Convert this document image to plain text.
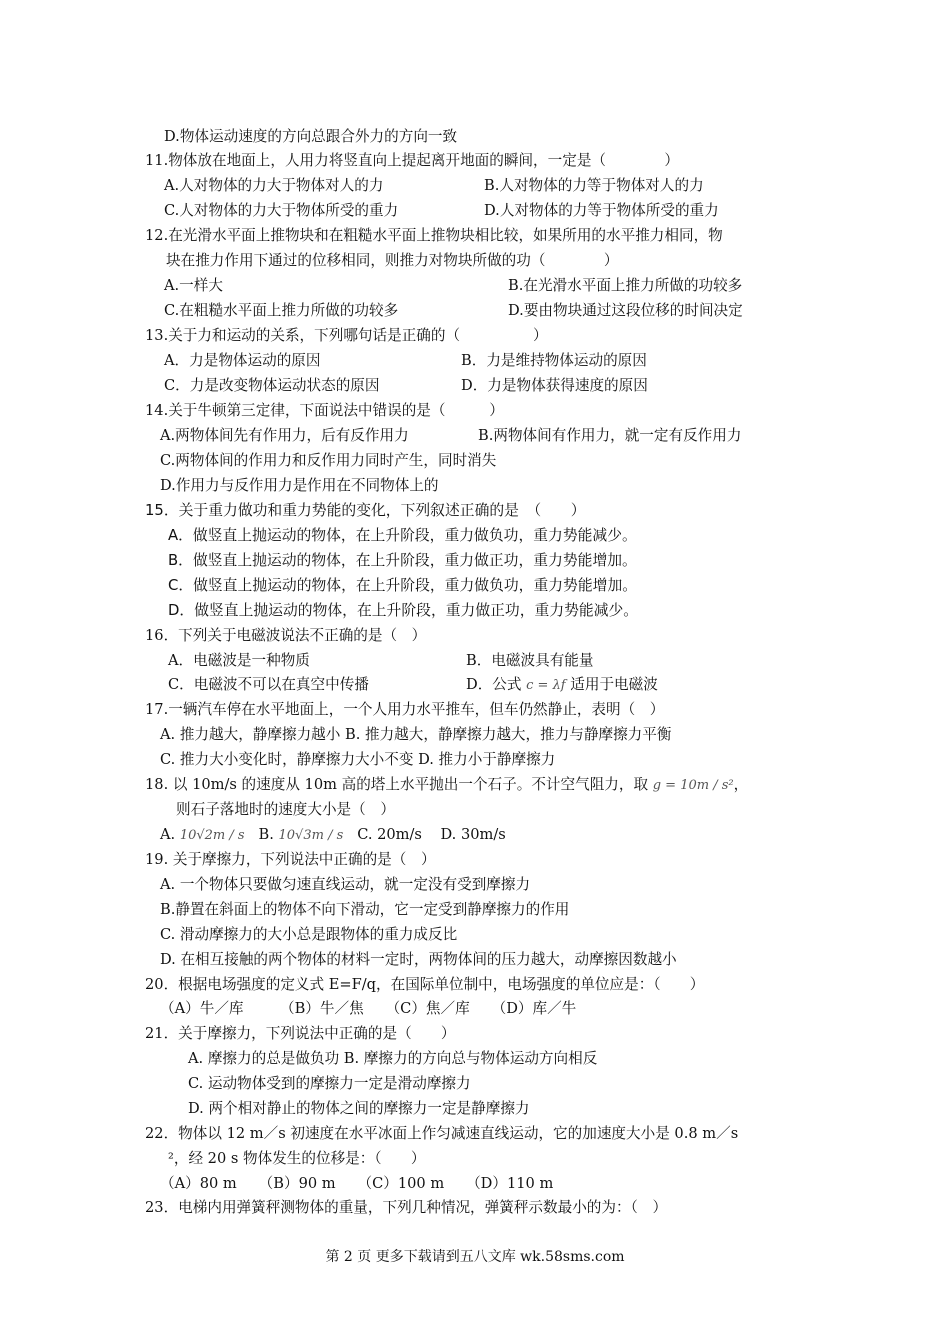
D.物体运动速度的方向总跟合外力的方向一致
11.物体放在地面上，人用力将竖直向上提起离开地面的瞬间，一定是（　　　　）
A.人对物体的力大于物体对人的力	B.人对物体的力等于物体对人的力
C.人对物体的力大于物体所受的重力	D.人对物体的力等于物体所受的重力
12.在光滑水平面上推物块和在粗糙水平面上推物块相比较，如果所用的水平推力相同，物
块在推力作用下通过的位移相同，则推力对物块所做的功（　　　　）
A.一样大	B.在光滑水平面上推力所做的功较多
C.在粗糙水平面上推力所做的功较多	D.要由物块通过这段位移的时间决定
13.关于力和运动的关系，下列哪句话是正确的（　　　　　）
A．力是物体运动的原因	B．力是维持物体运动的原因
C．力是改变物体运动状态的原因	D．力是物体获得速度的原因
14.关于牛顿第三定律，下面说法中错误的是（　　　）
A.两物体间先有作用力，后有反作用力	B.两物体间有作用力，就一定有反作用力
C.两物体间的作用力和反作用力同时产生，同时消失
D.作用力与反作用力是作用在不同物体上的
15．关于重力做功和重力势能的变化，下列叙述正确的是　（　　）
A．做竖直上抛运动的物体，在上升阶段，重力做负功，重力势能减少。
B．做竖直上抛运动的物体，在上升阶段，重力做正功，重力势能增加。
C．做竖直上抛运动的物体，在上升阶段，重力做负功，重力势能增加。
D．做竖直上抛运动的物体，在上升阶段，重力做正功，重力势能减少。
16．下列关于电磁波说法不正确的是（　）
A．电磁波是一种物质	B．电磁波具有能量
C．电磁波不可以在真空中传播	D．公式 c = λf 适用于电磁波
17.一辆汽车停在水平地面上，一个人用力水平推车，但车仍然静止，表明（　）
A. 推力越大，静摩擦力越小 B. 推力越大，静摩擦力越大，推力与静摩擦力平衡
C. 推力大小变化时，静摩擦力大小不变 D. 推力小于静摩擦力
18. 以 10m/s 的速度从 10m 高的塔上水平抛出一个石子。不计空气阻力，取 g = 10m / s²，
则石子落地时的速度大小是（　）
A. 10√2m / s B. 10√3m / s C. 20m/s D. 30m/s
19. 关于摩擦力，下列说法中正确的是（　）
A. 一个物体只要做匀速直线运动，就一定没有受到摩擦力
B.静置在斜面上的物体不向下滑动，它一定受到静摩擦力的作用
C. 滑动摩擦力的大小总是跟物体的重力成反比
D. 在相互接触的两个物体的材料一定时，两物体间的压力越大，动摩擦因数越小
20．根据电场强度的定义式 E=F/q，在国际单位制中，电场强度的单位应是：（　　）
（A）牛／库　　　（B）牛／焦　　（C）焦／库　　（D）库／牛
21．关于摩擦力，下列说法中正确的是（　　）
A. 摩擦力的总是做负功 B. 摩擦力的方向总与物体运动方向相反
C. 运动物体受到的摩擦力一定是滑动摩擦力
D. 两个相对静止的物体之间的摩擦力一定是静摩擦力
22．物体以 12 m／s 初速度在水平冰面上作匀减速直线运动，它的加速度大小是 0.8 m／s
²，经 20 s 物体发生的位移是：（　　）
（A）80 m　　（B）90 m　　（C）100 m　　（D）110 m
23．电梯内用弹簧秤测物体的重量，下列几种情况，弹簧秤示数最小的为：（　）
第 2 页 更多下载请到五八文库 wk.58sms.com
